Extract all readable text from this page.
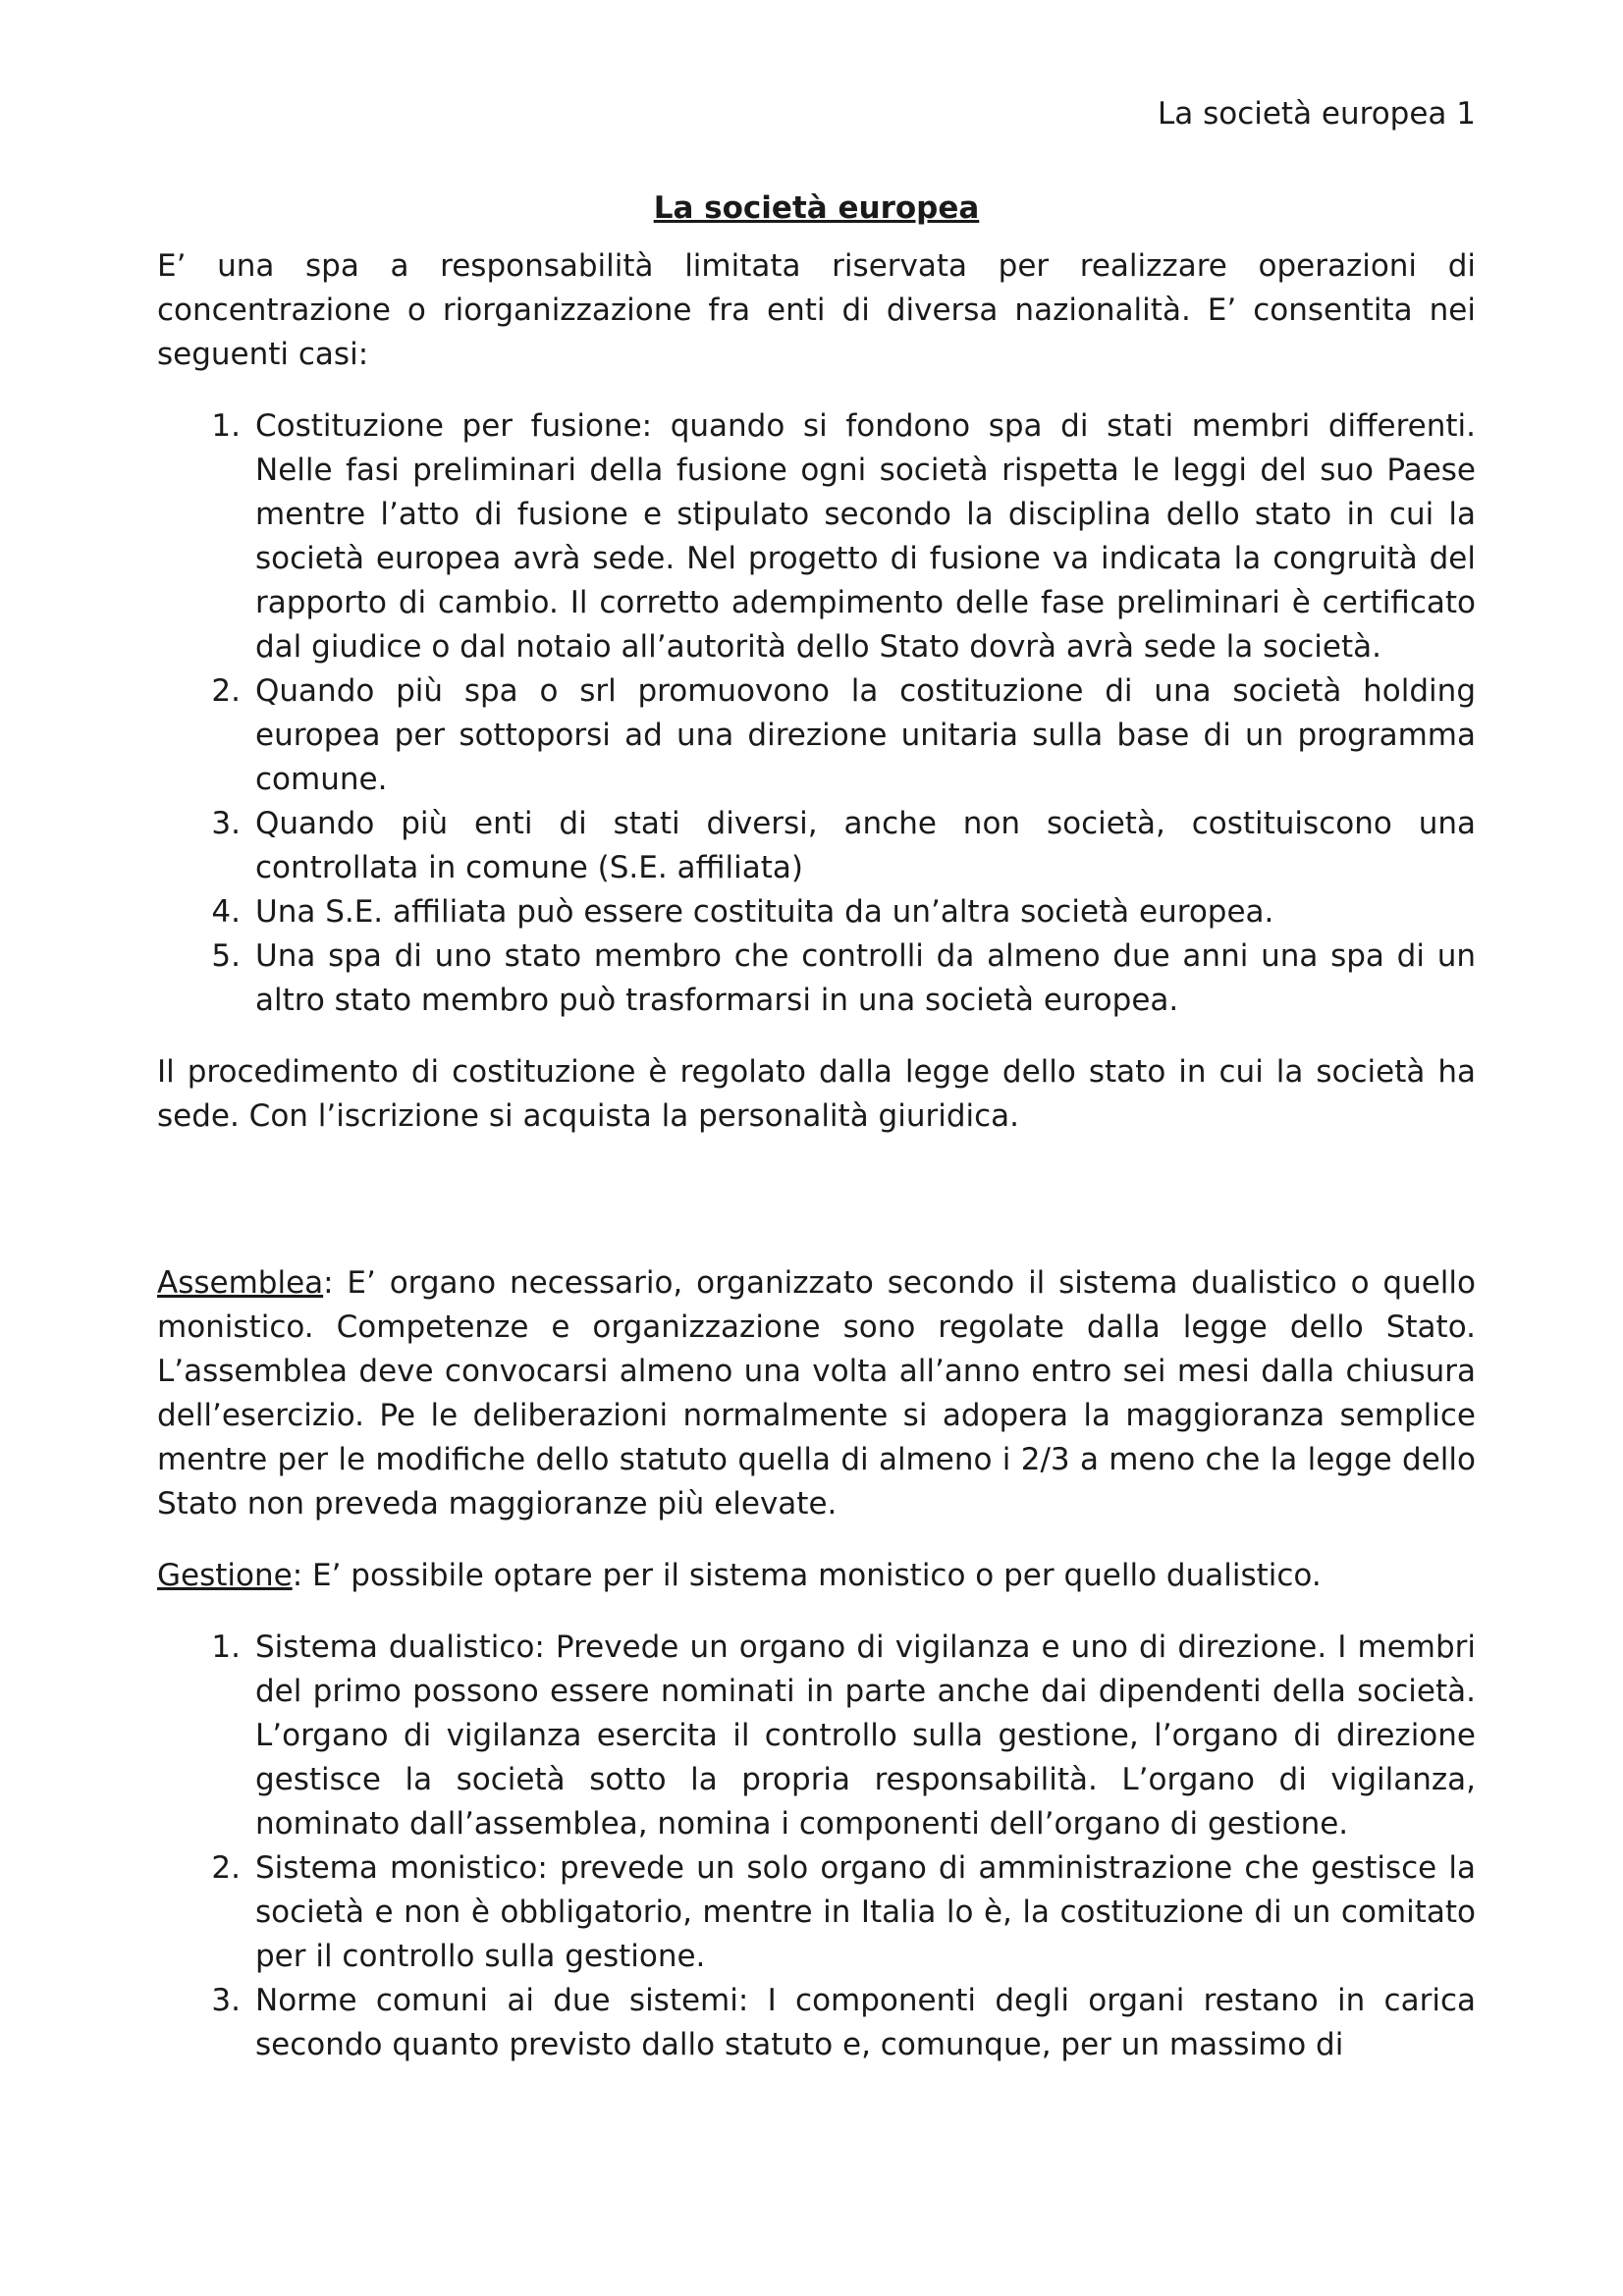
La società europea 1
La società europea

E’ una spa a responsabilità limitata riservata per realizzare operazioni di concentrazione o riorganizzazione fra enti di diversa nazionalità. E’ consentita nei seguenti casi:

1. Costituzione per fusione: quando si fondono spa di stati membri differenti. Nelle fasi preliminari della fusione ogni società rispetta le leggi del suo Paese mentre l’atto di fusione e stipulato secondo la disciplina dello stato in cui la società europea avrà sede. Nel progetto di fusione va indicata la congruità del rapporto di cambio. Il corretto adempimento delle fase preliminari è certificato dal giudice o dal notaio all’autorità dello Stato dovrà avrà sede la società.
2. Quando più spa o srl promuovono la costituzione di una società holding europea per sottoporsi ad una direzione unitaria sulla base di un programma comune.
3. Quando più enti di stati diversi, anche non società, costituiscono una controllata in comune (S.E. affiliata)
4. Una S.E. affiliata può essere costituita da un’altra società europea.
5. Una spa di uno stato membro che controlli da almeno due anni una spa di un altro stato membro può trasformarsi in una società europea.

Il procedimento di costituzione è regolato dalla legge dello stato in cui la società ha sede. Con l’iscrizione si acquista la personalità giuridica.

Assemblea: E’ organo necessario, organizzato secondo il sistema dualistico o quello monistico. Competenze e organizzazione sono regolate dalla legge dello Stato. L’assemblea deve convocarsi almeno una volta all’anno entro sei mesi dalla chiusura dell’esercizio. Pe le deliberazioni normalmente si adopera la maggioranza semplice mentre per le modifiche dello statuto quella di almeno i 2/3 a meno che la legge dello Stato non preveda maggioranze più elevate.

Gestione: E’ possibile optare per il sistema monistico o per quello dualistico.

1. Sistema dualistico: Prevede un organo di vigilanza e uno di direzione. I membri del primo possono essere nominati in parte anche dai dipendenti della società. L’organo di vigilanza esercita il controllo sulla gestione, l’organo di direzione gestisce la società sotto la propria responsabilità. L’organo di vigilanza, nominato dall’assemblea, nomina i componenti dell’organo di gestione.
2. Sistema monistico: prevede un solo organo di amministrazione che gestisce la società e non è obbligatorio, mentre in Italia lo è, la costituzione di un comitato per il controllo sulla gestione.
3. Norme comuni ai due sistemi: I componenti degli organi restano in carica secondo quanto previsto dallo statuto e, comunque, per un massimo di
